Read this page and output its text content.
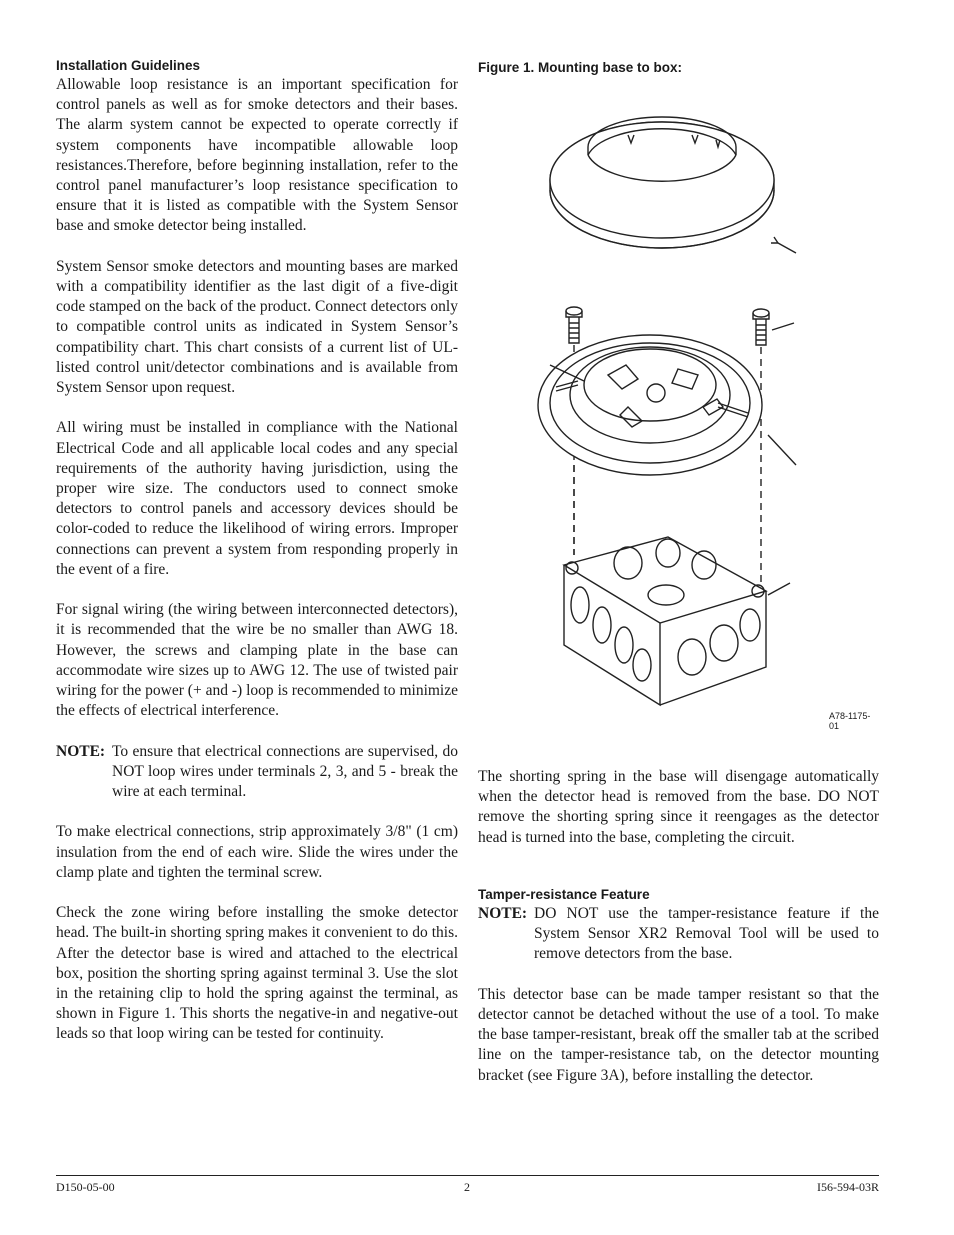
Installation Guidelines

Allowable loop resistance is an important specification for control panels as well as for smoke detectors and their bases. The alarm system cannot be expected to operate correctly if system components have incompatible allowable loop resistances.Therefore, before beginning installation, refer to the control panel manufacturer’s loop resistance specification to ensure that it is listed as compatible with the System Sensor base and smoke detector being installed.

System Sensor smoke detectors and mounting bases are marked with a compatibility identifier as the last digit of a five-digit code stamped on the back of the product. Connect detectors only to compatible control units as indicated in System Sensor’s compatibility chart. This chart consists of a current list of UL-listed control unit/detector combinations and is available from System Sensor upon request.

All wiring must be installed in compliance with the National Electrical Code and all applicable local codes and any special requirements of the authority having jurisdiction, using the proper wire size. The conductors used to connect smoke detectors to control panels and accessory devices should be color-coded to reduce the likelihood of wiring errors. Improper connections can prevent a system from responding properly in the event of a fire.

For signal wiring (the wiring between interconnected detectors), it is recommended that the wire be no smaller than AWG 18. However, the screws and clamping plate in the base can accommodate wire sizes up to AWG 12. The use of twisted pair wiring for the power (+ and -) loop is recommended to minimize the effects of electrical interference.

NOTE: To ensure that electrical connections are supervised, do NOT loop wires under terminals 2, 3, and 5 - break the wire at each terminal.

To make electrical connections, strip approximately 3/8" (1 cm) insulation from the end of each wire. Slide the wires under the clamp plate and tighten the terminal screw.

Check the zone wiring before installing the smoke detector head. The built-in shorting spring makes it convenient to do this. After the detector base is wired and attached to the electrical box, position the shorting spring against terminal 3. Use the slot in the retaining clip to hold the spring against the terminal, as shown in Figure 1. This shorts the negative-in and negative-out leads so that loop wiring can be tested for continuity.

Figure 1. Mounting base to box:
A78-1175-01

The shorting spring in the base will disengage automatically when the detector head is removed from the base. DO NOT remove the shorting spring since it reengages as the detector head is turned into the base, completing the circuit.

Tamper-resistance Feature
NOTE: DO NOT use the tamper-resistance feature if the System Sensor XR2 Removal Tool will be used to remove detectors from the base.

This detector base can be made tamper resistant so that the detector cannot be detached without the use of a tool. To make the base tamper-resistant, break off the smaller tab at the scribed line on the tamper-resistance tab, on the detector mounting bracket (see Figure 3A), before installing the detector.

D150-05-00	2	I56-594-03R
